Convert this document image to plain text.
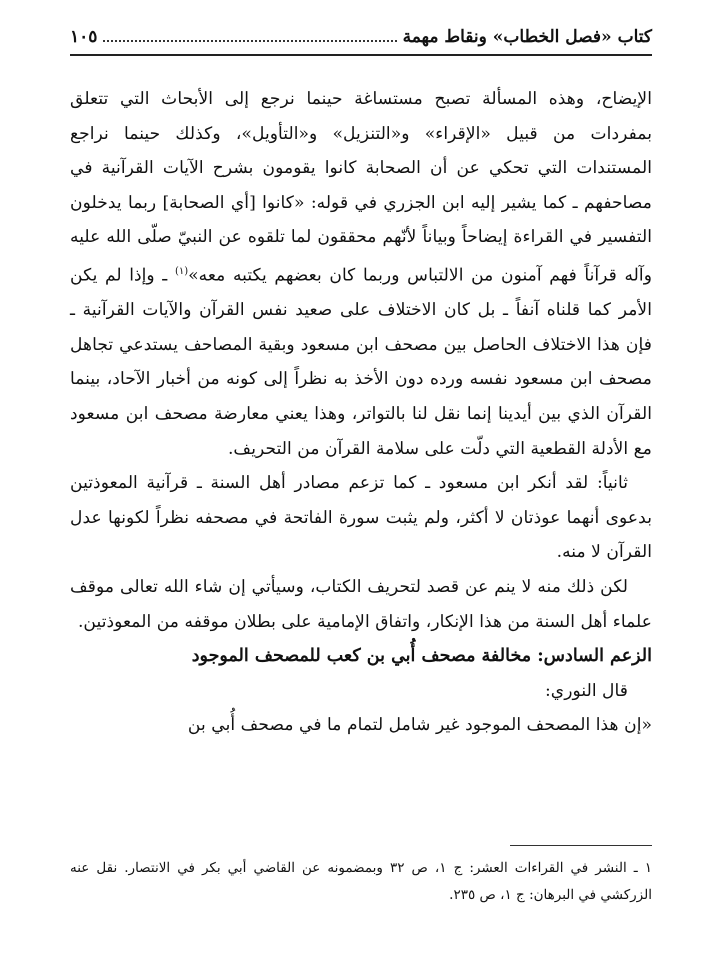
كتاب «فصل الخطاب» ونقاط مهمة
١٠٥

الإيضاح، وهذه المسألة تصبح مستساغة حينما نرجع إلى الأبحاث التي تتعلق بمفردات من قبيل «الإقراء» و«التنزيل» و«التأويل»، وكذلك حينما نراجع المستندات التي تحكي عن أن الصحابة كانوا يقومون بشرح الآيات القرآنية في مصاحفهم ـ كما يشير إليه ابن الجزري في قوله: «كانوا [أي الصحابة] ربما يدخلون التفسير في القراءة إيضاحاً وبياناً لأنّهم محققون لما تلقوه عن النبيّ صلّى الله عليه وآله قرآناً فهم آمنون من الالتباس وربما كان بعضهم يكتبه معه»$^{(١)}$ ـ وإذا لم يكن الأمر كما قلناه آنفاً ـ بل كان الاختلاف على صعيد نفس القرآن والآيات القرآنية ـ فإن هذا الاختلاف الحاصل بين مصحف ابن مسعود وبقية المصاحف يستدعي تجاهل مصحف ابن مسعود نفسه ورده دون الأخذ به نظراً إلى كونه من أخبار الآحاد، بينما القرآن الذي بين أيدينا إنما نقل لنا بالتواتر، وهذا يعني معارضة مصحف ابن مسعود مع الأدلة القطعية التي دلّت على سلامة القرآن من التحريف.

ثانياً: لقد أنكر ابن مسعود ـ كما تزعم مصادر أهل السنة ـ قرآنية المعوذتين بدعوى أنهما عوذتان لا أكثر، ولم يثبت سورة الفاتحة في مصحفه نظراً لكونها عدل القرآن لا منه.

لكن ذلك منه لا ينم عن قصد لتحريف الكتاب، وسيأتي إن شاء الله تعالى موقف علماء أهل السنة من هذا الإنكار، واتفاق الإمامية على بطلان موقفه من المعوذتين.

الزعم السادس: مخالفة مصحف أُبي بن كعب للمصحف الموجود

قال النوري:

«إن هذا المصحف الموجود غير شامل لتمام ما في مصحف أُبي بن

١ ـ النشر في القراءات العشر: ج ١، ص ٣٢ وبمضمونه عن القاضي أبي بكر في الانتصار. نقل عنه الزركشي في البرهان: ج ١، ص ٢٣٥.
